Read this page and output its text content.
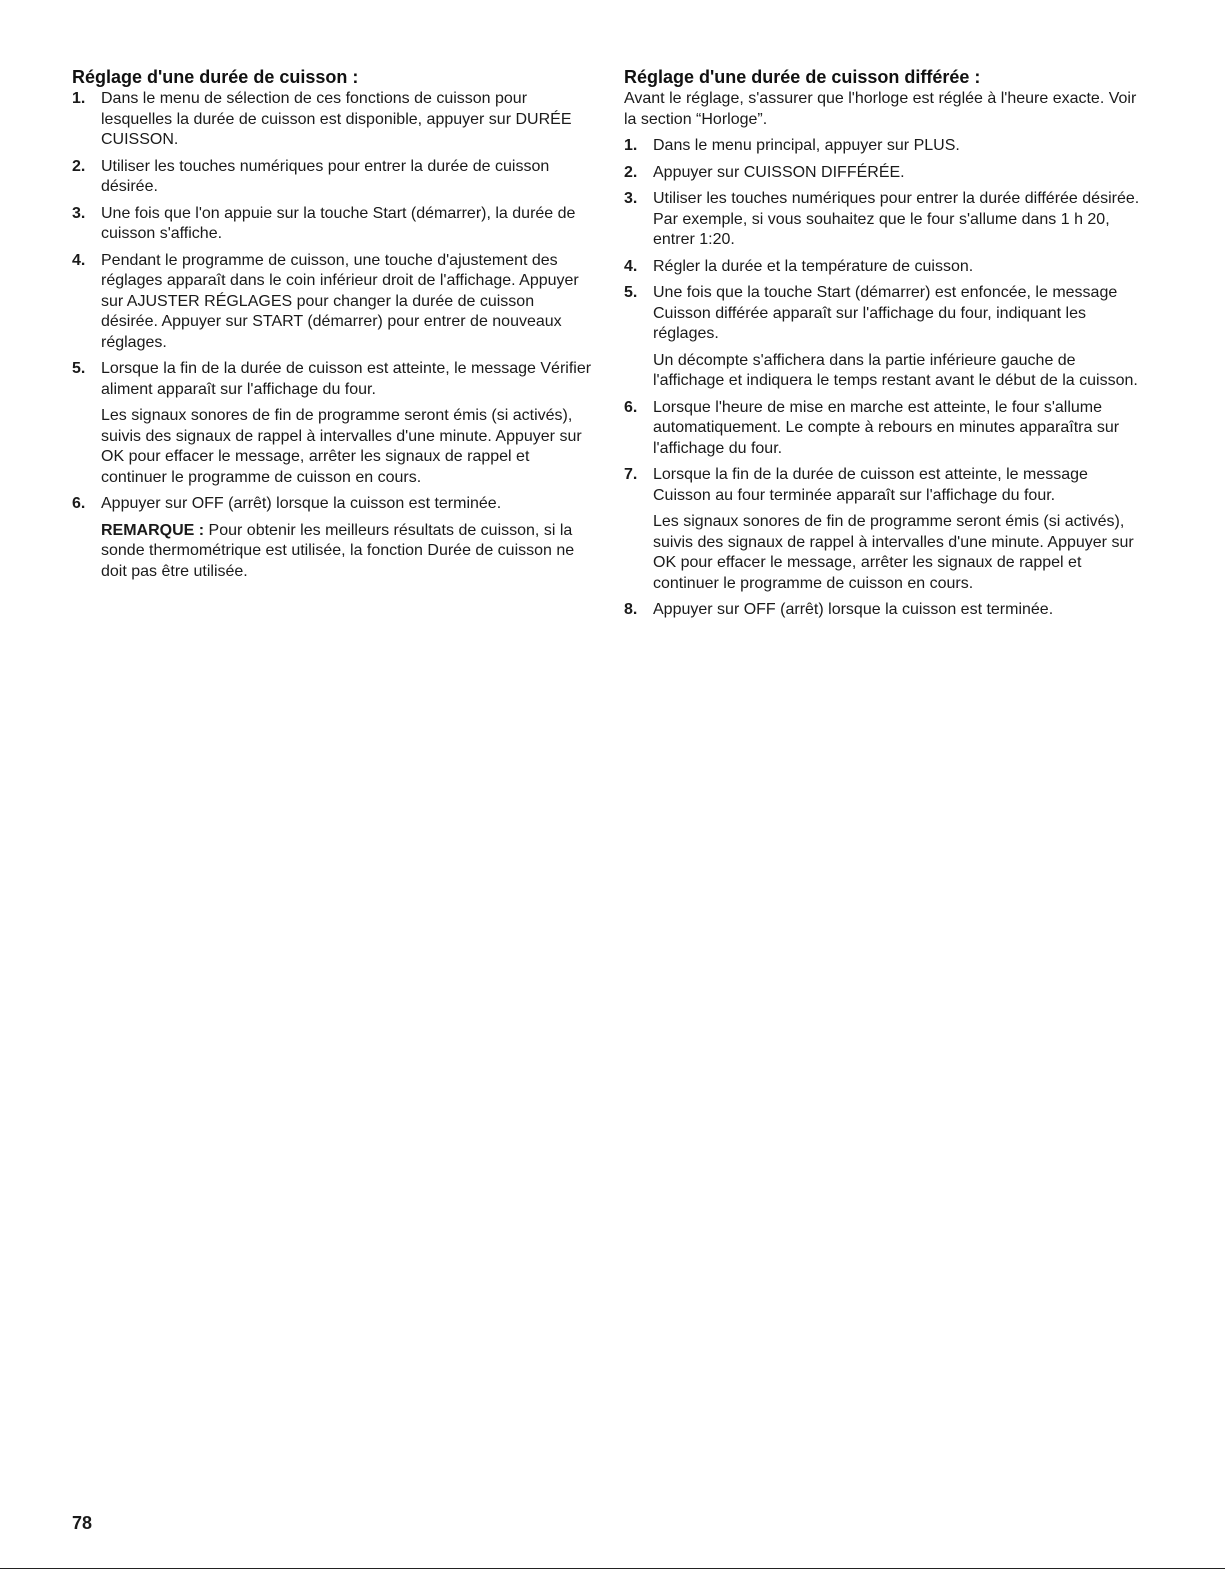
Réglage d'une durée de cuisson :
1. Dans le menu de sélection de ces fonctions de cuisson pour lesquelles la durée de cuisson est disponible, appuyer sur DURÉE CUISSON.

2. Utiliser les touches numériques pour entrer la durée de cuisson désirée.

3. Une fois que l'on appuie sur la touche Start (démarrer), la durée de cuisson s'affiche.

4. Pendant le programme de cuisson, une touche d'ajustement des réglages apparaît dans le coin inférieur droit de l'affichage. Appuyer sur AJUSTER RÉGLAGES pour changer la durée de cuisson désirée. Appuyer sur START (démarrer) pour entrer de nouveaux réglages.

5. Lorsque la fin de la durée de cuisson est atteinte, le message Vérifier aliment apparaît sur l'affichage du four.

Les signaux sonores de fin de programme seront émis (si activés), suivis des signaux de rappel à intervalles d'une minute. Appuyer sur OK pour effacer le message, arrêter les signaux de rappel et continuer le programme de cuisson en cours.

6. Appuyer sur OFF (arrêt) lorsque la cuisson est terminée.

REMARQUE : Pour obtenir les meilleurs résultats de cuisson, si la sonde thermométrique est utilisée, la fonction Durée de cuisson ne doit pas être utilisée.

Réglage d'une durée de cuisson différée :

Avant le réglage, s'assurer que l'horloge est réglée à l'heure exacte. Voir la section “Horloge”.

1. Dans le menu principal, appuyer sur PLUS.

2. Appuyer sur CUISSON DIFFÉRÉE.

3. Utiliser les touches numériques pour entrer la durée différée désirée. Par exemple, si vous souhaitez que le four s'allume dans 1 h 20, entrer 1:20.

4. Régler la durée et la température de cuisson.

5. Une fois que la touche Start (démarrer) est enfoncée, le message Cuisson différée apparaît sur l'affichage du four, indiquant les réglages.

Un décompte s'affichera dans la partie inférieure gauche de l'affichage et indiquera le temps restant avant le début de la cuisson.

6. Lorsque l'heure de mise en marche est atteinte, le four s'allume automatiquement. Le compte à rebours en minutes apparaîtra sur l'affichage du four.

7. Lorsque la fin de la durée de cuisson est atteinte, le message Cuisson au four terminée apparaît sur l'affichage du four.

Les signaux sonores de fin de programme seront émis (si activés), suivis des signaux de rappel à intervalles d'une minute. Appuyer sur OK pour effacer le message, arrêter les signaux de rappel et continuer le programme de cuisson en cours.

8. Appuyer sur OFF (arrêt) lorsque la cuisson est terminée.

78
